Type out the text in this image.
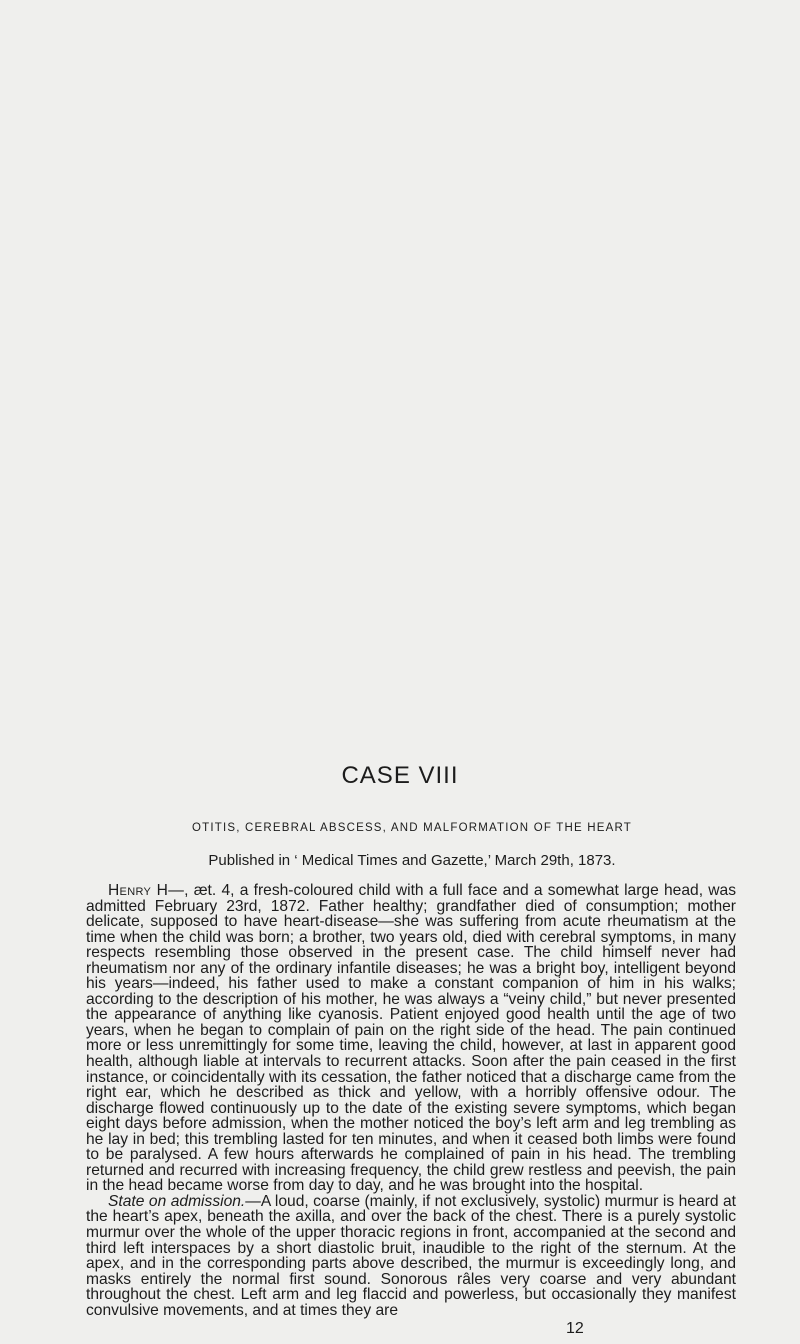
CASE VIII

OTITIS, CEREBRAL ABSCESS, AND MALFORMATION OF THE HEART

Published in ‘ Medical Times and Gazette,’ March 29th, 1873.

Henry H—, æt. 4, a fresh-coloured child with a full face and a somewhat large head, was admitted February 23rd, 1872. Father healthy; grandfather died of consumption; mother delicate, supposed to have heart-disease—she was suffering from acute rheumatism at the time when the child was born; a brother, two years old, died with cerebral symptoms, in many respects resembling those observed in the present case. The child himself never had rheumatism nor any of the ordinary infantile diseases; he was a bright boy, intelligent beyond his years—indeed, his father used to make a constant companion of him in his walks; according to the description of his mother, he was always a “veiny child,” but never presented the appearance of anything like cyanosis. Patient enjoyed good health until the age of two years, when he began to complain of pain on the right side of the head. The pain continued more or less unremittingly for some time, leaving the child, however, at last in apparent good health, although liable at intervals to recurrent attacks. Soon after the pain ceased in the first instance, or coincidentally with its cessation, the father noticed that a discharge came from the right ear, which he described as thick and yellow, with a horribly offensive odour. The discharge flowed continuously up to the date of the existing severe symptoms, which began eight days before admission, when the mother noticed the boy’s left arm and leg trembling as he lay in bed; this trembling lasted for ten minutes, and when it ceased both limbs were found to be paralysed. A few hours afterwards he complained of pain in his head. The trembling returned and recurred with increasing frequency, the child grew restless and peevish, the pain in the head became worse from day to day, and he was brought into the hospital.

State on admission.—A loud, coarse (mainly, if not exclusively, systolic) murmur is heard at the heart’s apex, beneath the axilla, and over the back of the chest. There is a purely systolic murmur over the whole of the upper thoracic regions in front, accompanied at the second and third left interspaces by a short diastolic bruit, inaudible to the right of the sternum. At the apex, and in the corresponding parts above described, the murmur is exceedingly long, and masks entirely the normal first sound. Sonorous râles very coarse and very abundant throughout the chest. Left arm and leg flaccid and powerless, but occasionally they manifest convulsive movements, and at times they are

12
